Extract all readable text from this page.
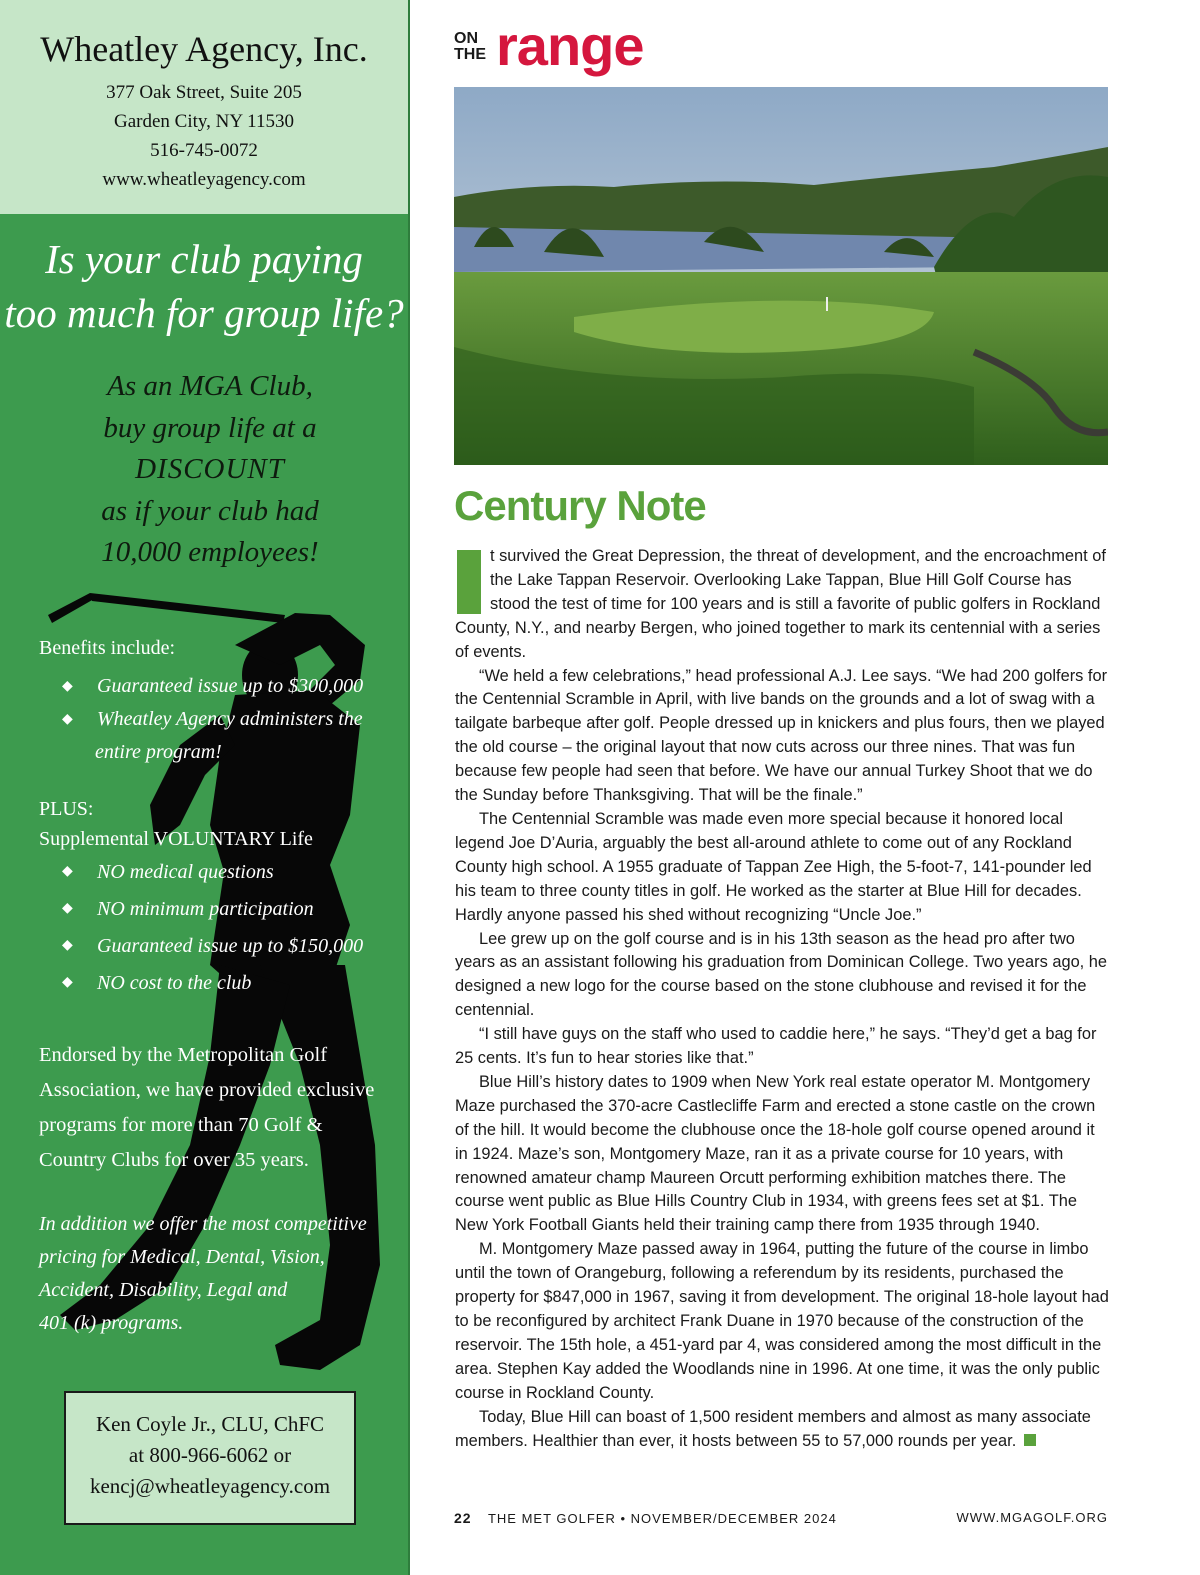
Wheatley Agency, Inc.
377 Oak Street, Suite 205
Garden City, NY 11530
516-745-0072
www.wheatleyagency.com
Is your club paying
too much for group life?
As an MGA Club,
buy group life at a
DISCOUNT
as if your club had
10,000 employees!
Benefits include:
◆ Guaranteed issue up to $300,000
◆ Wheatley Agency administers the
entire program!
PLUS:
Supplemental VOLUNTARY Life
◆ NO medical questions
◆ NO minimum participation
◆ Guaranteed issue up to $150,000
◆ NO cost to the club
Endorsed by the Metropolitan Golf
Association, we have provided exclusive
programs for more than 70 Golf &
Country Clubs for over 35 years.
In addition we offer the most competitive
pricing for Medical, Dental, Vision,
Accident, Disability, Legal and
401 (k) programs.
Ken Coyle Jr., CLU, ChFC
at 800-966-6062 or
kencj@wheatleyagency.com
ON
THE range
Century Note

t survived the Great Depression, the threat of development, and the encroachment of the Lake Tappan Reservoir. Overlooking Lake Tappan, Blue Hill Golf Course has stood the test of time for 100 years and is still a favorite of public golfers in Rockland County, N.Y., and nearby Bergen, who joined together to mark its centennial with a series of events.

“We held a few celebrations,” head professional A.J. Lee says. “We had 200 golfers for the Centennial Scramble in April, with live bands on the grounds and a lot of swag with a tailgate barbeque after golf. People dressed up in knickers and plus fours, then we played the old course – the original layout that now cuts across our three nines. That was fun because few people had seen that before. We have our annual Turkey Shoot that we do the Sunday before Thanksgiving. That will be the finale.”

The Centennial Scramble was made even more special because it honored local legend Joe D’Auria, arguably the best all-around athlete to come out of any Rockland County high school. A 1955 graduate of Tappan Zee High, the 5-foot-7, 141-pounder led his team to three county titles in golf. He worked as the starter at Blue Hill for decades. Hardly anyone passed his shed without recognizing “Uncle Joe.”

Lee grew up on the golf course and is in his 13th season as the head pro after two years as an assistant following his graduation from Dominican College. Two years ago, he designed a new logo for the course based on the stone clubhouse and revised it for the centennial.

“I still have guys on the staff who used to caddie here,” he says. “They’d get a bag for 25 cents. It’s fun to hear stories like that.”

Blue Hill’s history dates to 1909 when New York real estate operator M. Montgomery Maze purchased the 370-acre Castlecliffe Farm and erected a stone castle on the crown of the hill. It would become the clubhouse once the 18-hole golf course opened around it in 1924. Maze’s son, Montgomery Maze, ran it as a private course for 10 years, with renowned amateur champ Maureen Orcutt performing exhibition matches there. The course went public as Blue Hills Country Club in 1934, with greens fees set at $1. The New York Football Giants held their training camp there from 1935 through 1940.

M. Montgomery Maze passed away in 1964, putting the future of the course in limbo until the town of Orangeburg, following a referendum by its residents, purchased the property for $847,000 in 1967, saving it from development. The original 18-hole layout had to be reconfigured by architect Frank Duane in 1970 because of the construction of the reservoir. The 15th hole, a 451-yard par 4, was considered among the most difficult in the area. Stephen Kay added the Woodlands nine in 1996. At one time, it was the only public course in Rockland County.

Today, Blue Hill can boast of 1,500 resident members and almost as many associate members. Healthier than ever, it hosts between 55 to 57,000 rounds per year.

22 THE MET GOLFER • NOVEMBER/DECEMBER 2024	WWW.MGAGOLF.ORG
